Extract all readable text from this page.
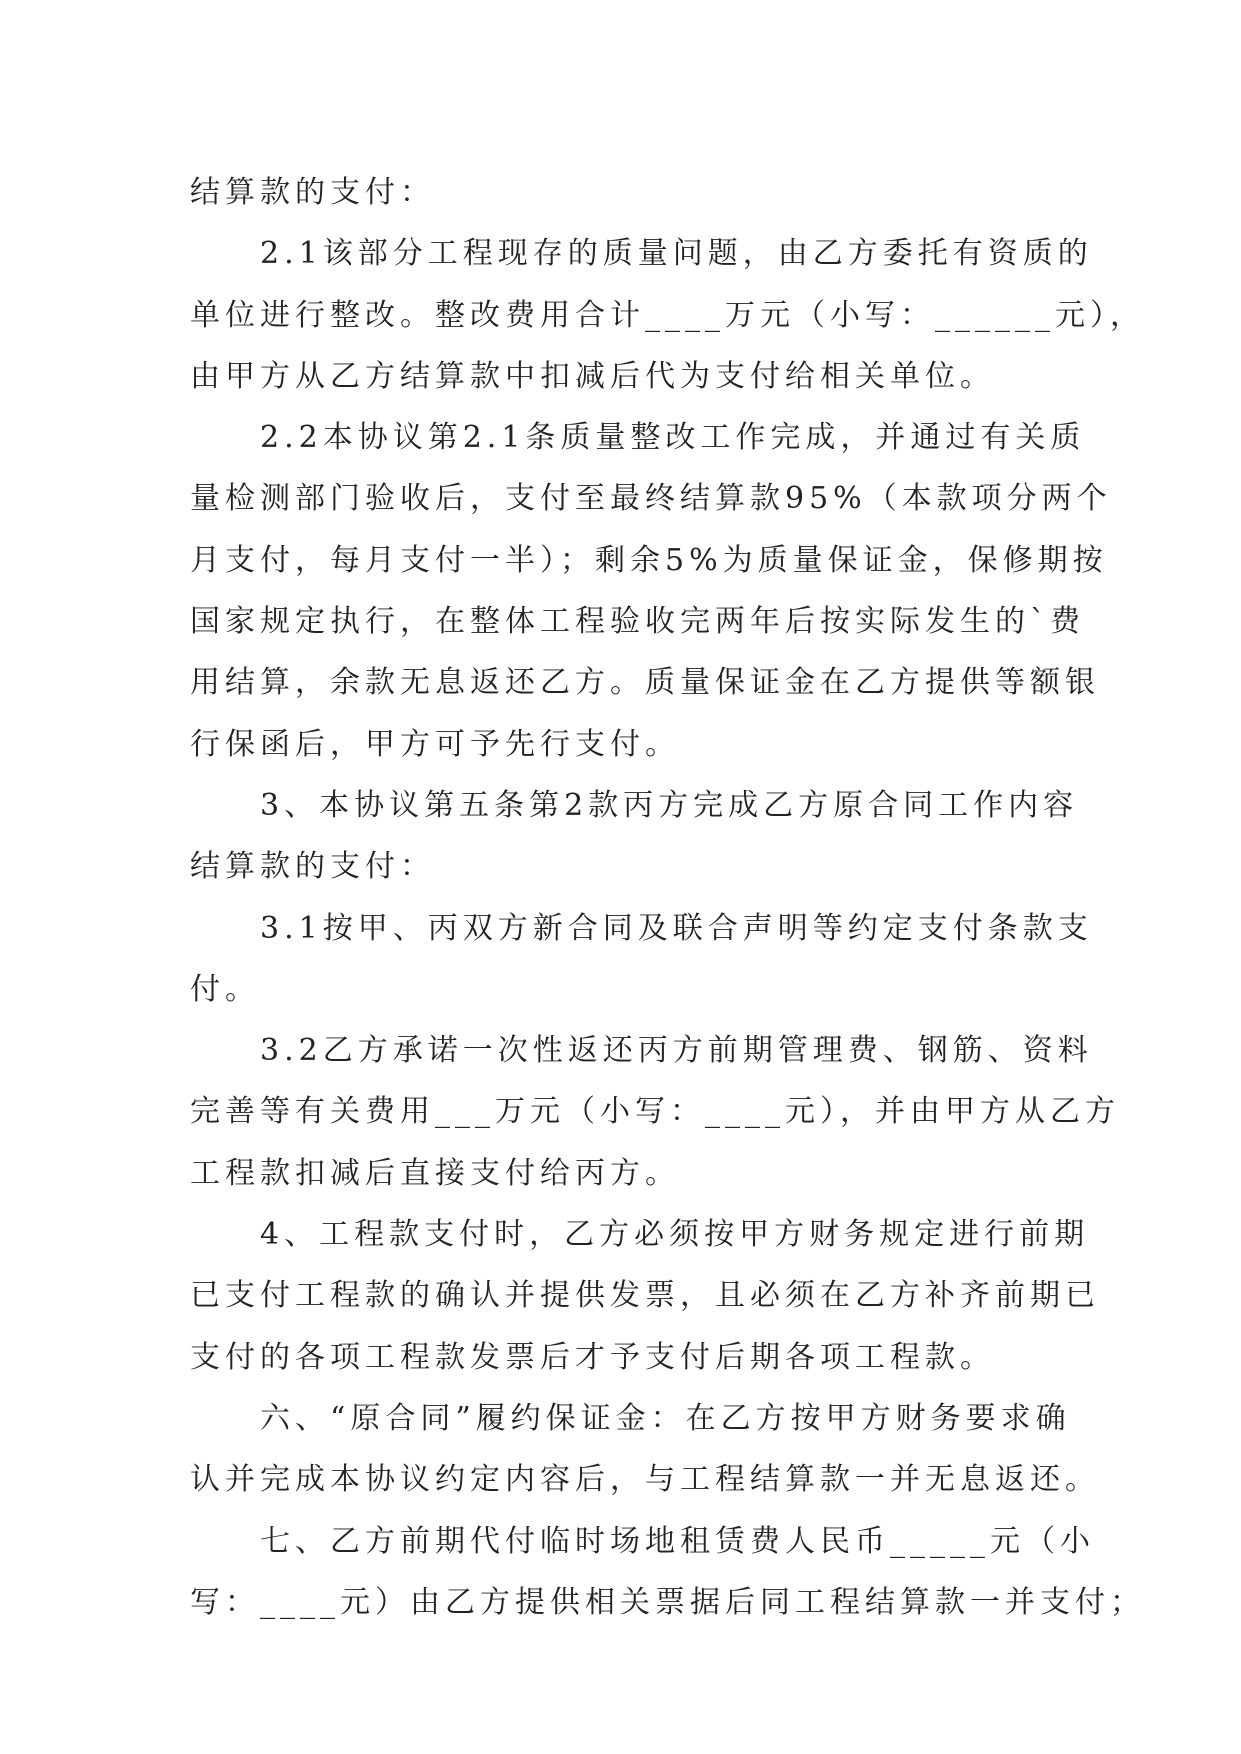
结算款的支付：
　　2.1该部分工程现存的质量问题，由乙方委托有资质的
单位进行整改。整改费用合计____万元（小写：______元），
由甲方从乙方结算款中扣减后代为支付给相关单位。
　　2.2本协议第2.1条质量整改工作完成，并通过有关质
量检测部门验收后，支付至最终结算款95%（本款项分两个
月支付，每月支付一半）；剩余5%为质量保证金，保修期按
国家规定执行，在整体工程验收完两年后按实际发生的`费
用结算，余款无息返还乙方。质量保证金在乙方提供等额银
行保函后，甲方可予先行支付。
　　3、本协议第五条第2款丙方完成乙方原合同工作内容
结算款的支付：
　　3.1按甲、丙双方新合同及联合声明等约定支付条款支
付。
　　3.2乙方承诺一次性返还丙方前期管理费、钢筋、资料
完善等有关费用___万元（小写：____元），并由甲方从乙方
工程款扣减后直接支付给丙方。
　　4、工程款支付时，乙方必须按甲方财务规定进行前期
已支付工程款的确认并提供发票，且必须在乙方补齐前期已
支付的各项工程款发票后才予支付后期各项工程款。
　　六、“原合同”履约保证金：在乙方按甲方财务要求确
认并完成本协议约定内容后，与工程结算款一并无息返还。
　　七、乙方前期代付临时场地租赁费人民币_____元（小
写：____元）由乙方提供相关票据后同工程结算款一并支付；
